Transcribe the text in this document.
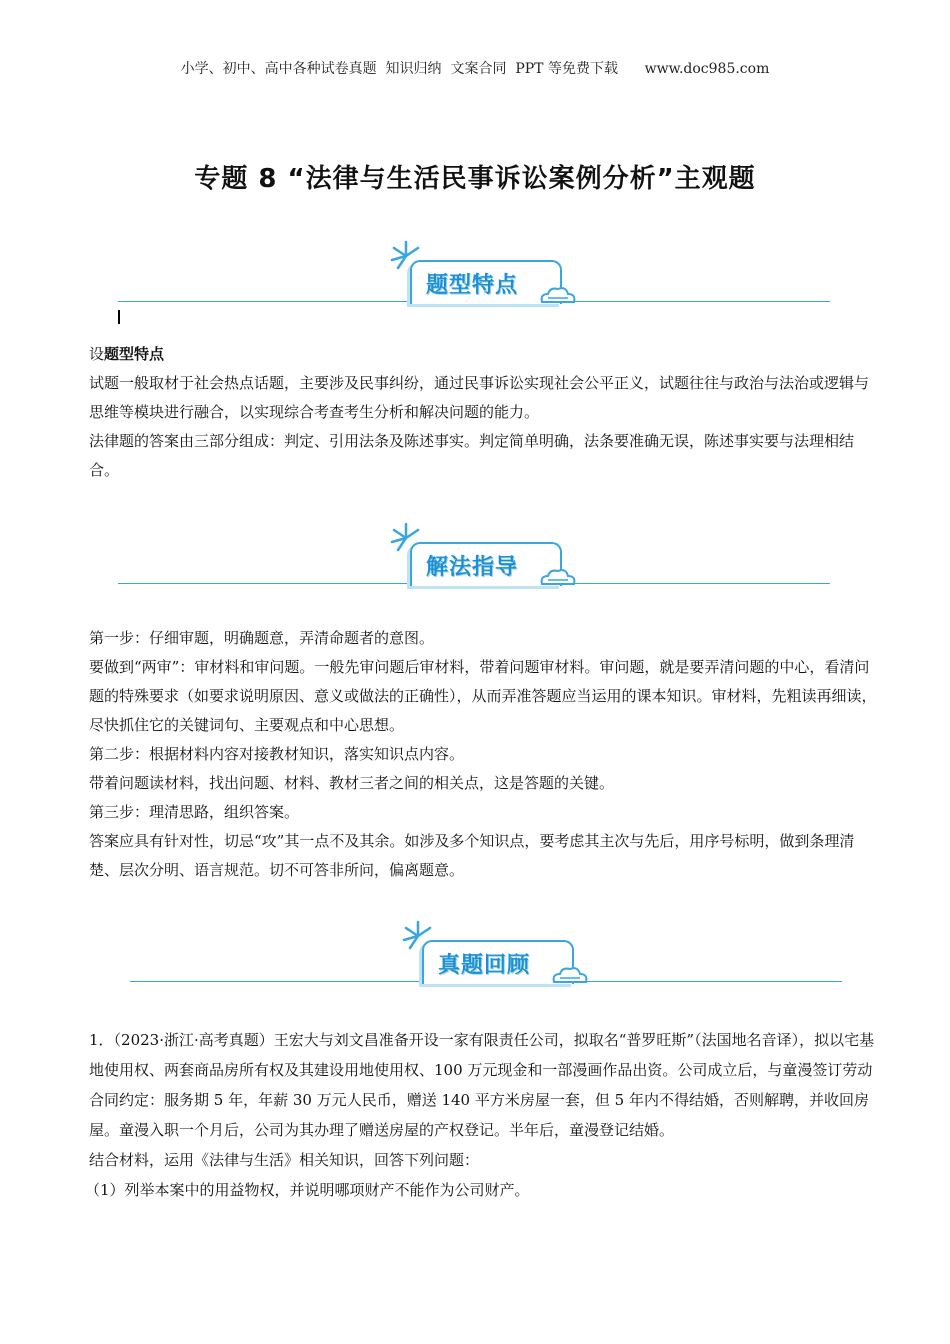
小学、初中、高中各种试卷真题  知识归纳  文案合同  PPT 等免费下载      www.doc985.com
专题 8 “法律与生活民事诉讼案例分析”主观题
题型特点

设题型特点

试题一般取材于社会热点话题，主要涉及民事纠纷，通过民事诉讼实现社会公平正义，试题往往与政治与法治或逻辑与思维等模块进行融合，以实现综合考查考生分析和解决问题的能力。

法律题的答案由三部分组成：判定、引用法条及陈述事实。判定简单明确，法条要准确无误，陈述事实要与法理相结合。

解法指导

第一步：仔细审题，明确题意，弄清命题者的意图。

要做到“两审”：审材料和审问题。一般先审问题后审材料，带着问题审材料。审问题，就是要弄清问题的中心，看清问题的特殊要求（如要求说明原因、意义或做法的正确性），从而弄准答题应当运用的课本知识。审材料，先粗读再细读，尽快抓住它的关键词句、主要观点和中心思想。

第二步：根据材料内容对接教材知识，落实知识点内容。

带着问题读材料，找出问题、材料、教材三者之间的相关点，这是答题的关键。

第三步：理清思路，组织答案。

答案应具有针对性，切忌“攻”其一点不及其余。如涉及多个知识点，要考虑其主次与先后，用序号标明，做到条理清楚、层次分明、语言规范。切不可答非所问，偏离题意。

真题回顾

1．（2023·浙江·高考真题）王宏大与刘文昌准备开设一家有限责任公司，拟取名“普罗旺斯”（法国地名音译），拟以宅基地使用权、两套商品房所有权及其建设用地使用权、100 万元现金和一部漫画作品出资。公司成立后，与童漫签订劳动合同约定：服务期 5 年，年薪 30 万元人民币，赠送 140 平方米房屋一套，但 5 年内不得结婚，否则解聘，并收回房屋。童漫入职一个月后，公司为其办理了赠送房屋的产权登记。半年后，童漫登记结婚。

结合材料，运用《法律与生活》相关知识，回答下列问题：

（1）列举本案中的用益物权，并说明哪项财产不能作为公司财产。
